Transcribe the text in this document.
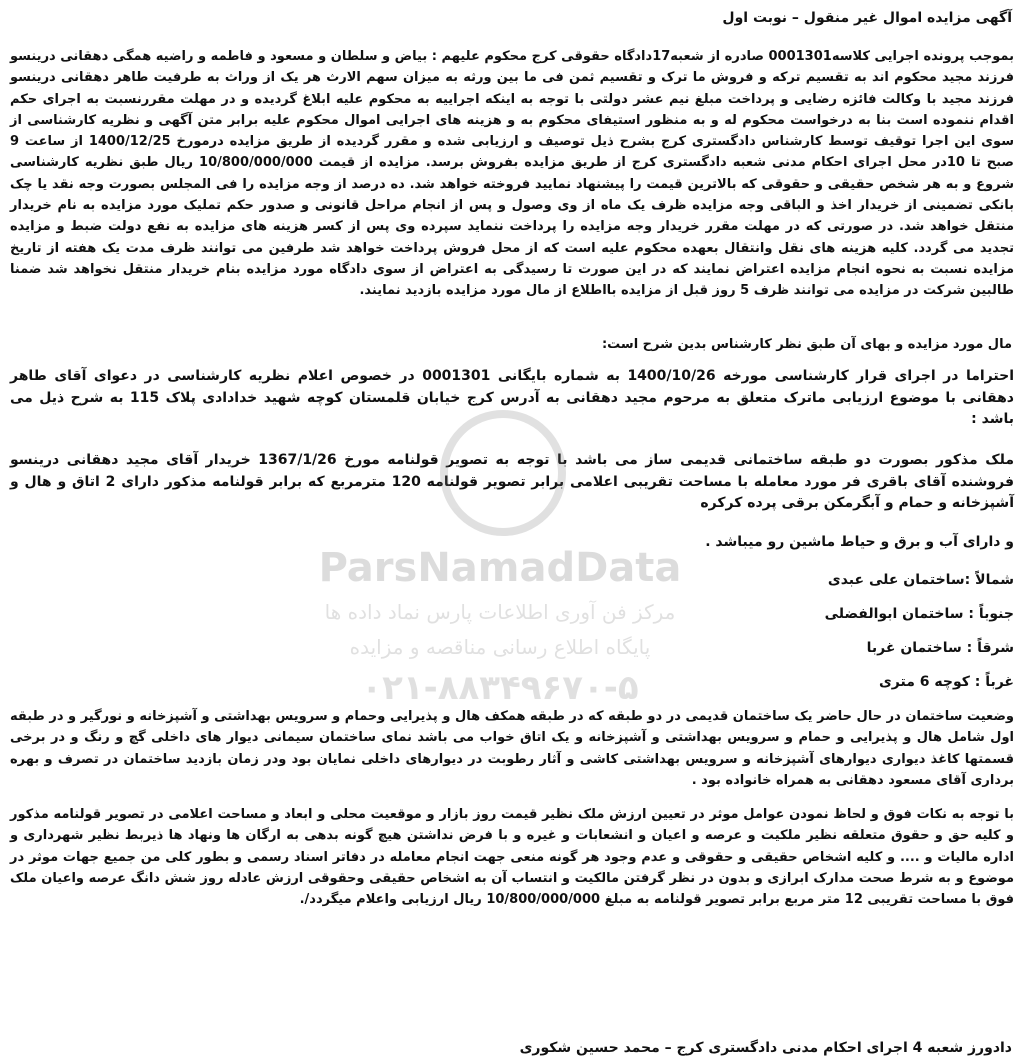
آگهی مزایده اموال غیر منقول – نوبت اول
بموجب پرونده اجرایی کلاسه0001301 صادره از شعبه17دادگاه حقوقی کرج محکوم علیهم : بیاض و سلطان و مسعود و فاطمه و راضیه همگی دهقانی درینسو فرزند مجید محکوم اند به تقسیم ترکه و فروش ما ترک و تقسیم ثمن فی ما بین ورثه به میزان سهم الارث هر یک از وراث به طرفیت طاهر دهقانی درینسو فرزند مجید با وکالت فائزه رضایی و پرداخت مبلغ نیم عشر دولتی با توجه به اینکه اجراییه به محکوم علیه ابلاغ گردیده و در مهلت مقررنسبت به اجرای حکم اقدام ننموده است بنا به درخواست محکوم له و به منظور استیفای محکوم به و هزینه های اجرایی اموال محکوم علیه برابر متن آگهی و نظریه کارشناسی از سوی این اجرا توقیف توسط کارشناس دادگستری کرج بشرح ذیل توصیف و ارزیابی شده و مقرر گردیده از طریق مزایده درمورخ 1400/12/25 از ساعت 9 صبح تا 10در محل اجرای احکام مدنی شعبه دادگستری کرج از طریق مزایده بفروش برسد. مزایده از قیمت 10/800/000/000 ریال طبق نظریه کارشناسی شروع و به هر شخص حقیقی و حقوقی که بالاترین قیمت را پیشنهاد نمایید فروخته خواهد شد. ده درصد از وجه مزایده را فی المجلس بصورت وجه نقد یا چک بانکی تضمینی از خریدار اخذ و الباقی وجه مزایده ظرف یک ماه از وی وصول و پس از انجام مراحل قانونی و صدور حکم تملیک مورد مزایده به نام خریدار منتقل خواهد شد. در صورتی که در مهلت مقرر خریدار وجه مزایده را پرداخت ننماید سپرده وی پس از کسر هزینه های مزایده به نفع دولت ضبط و مزایده تجدید می گردد. کلیه هزینه های نقل وانتقال بعهده محکوم علیه است که از محل فروش پرداخت خواهد شد طرفین می توانند ظرف مدت یک هفته از تاریخ مزایده نسبت به نحوه انجام مزایده اعتراض نمایند که در این صورت تا رسیدگی به اعتراض از سوی دادگاه مورد مزایده بنام خریدار منتقل نخواهد شد ضمنا طالبین شرکت در مزایده می توانند ظرف 5 روز قبل از مزایده بااطلاع از مال مورد مزایده بازدید نمایند.
مال مورد مزایده و بهای آن طبق نظر کارشناس بدین شرح است:
احتراما در اجرای قرار کارشناسی مورخه 1400/10/26 به شماره بایگانی 0001301 در خصوص اعلام نظریه کارشناسی در دعوای آقای طاهر دهقانی با موضوع ارزیابی ماترک متعلق به مرحوم مجید دهقانی به آدرس کرج خیابان قلمستان کوچه شهید خدادادی پلاک 115 به شرح ذیل می باشد :
ملک مذکور بصورت دو طبقه ساختمانی قدیمی ساز می باشد با توجه به تصویر قولنامه مورخ 1367/1/26 خریدار آقای مجید دهقانی درینسو فروشنده آقای باقری فر مورد معامله با مساحت تقریبی اعلامی برابر تصویر قولنامه 120 مترمربع که برابر قولنامه مذکور دارای 2 اتاق و هال و آشپزخانه و حمام و آبگرمکن برقی پرده کرکره
و دارای آب و برق و حیاط ماشین رو میباشد .
شمالاً :ساختمان علی عبدی
جنوباً : ساختمان ابوالفضلی
شرقاً : ساختمان غربا
غرباً : کوچه 6 متری
وضعیت ساختمان در حال حاضر یک ساختمان قدیمی در دو طبقه که در طبقه همکف هال و پذیرایی وحمام و سرویس بهداشتی و آشپزخانه و نورگیر و در طبقه اول شامل هال و پذیرایی و حمام و سرویس بهداشتی و آشپزخانه و یک اتاق خواب می باشد نمای ساختمان سیمانی دیوار های داخلی گچ و رنگ و در برخی قسمتها کاغذ دیواری دیوارهای آشپزخانه و سرویس بهداشتی کاشی و آثار رطوبت در دیوارهای داخلی نمایان بود ودر زمان بازدید ساختمان در تصرف و بهره برداری آقای مسعود دهقانی به همراه خانواده بود .
با توجه به نکات فوق و لحاظ نمودن عوامل موثر در تعیین ارزش ملک نظیر قیمت روز بازار و موقعیت محلی و ابعاد و مساحت اعلامی در تصویر قولنامه مذکور و کلیه حق و حقوق متعلقه نظیر ملکیت و عرصه و اعیان و انشعابات و غیره و با فرض نداشتن هیچ گونه بدهی به ارگان ها ونهاد ها ذیربط نظیر شهرداری و اداره مالیات و .... و کلیه اشخاص حقیقی و حقوقی و عدم وجود هر گونه منعی جهت انجام معامله در دفاتر اسناد رسمی و بطور کلی من جمیع جهات موثر در موضوع و به شرط صحت مدارک ابرازی و بدون در نظر گرفتن مالکیت و انتساب آن به اشخاص حقیقی وحقوقی ارزش عادله روز شش دانگ عرصه واعیان ملک فوق با مساحت تقریبی 12 متر مربع برابر تصویر قولنامه به مبلغ 10/800/000/000 ریال ارزیابی واعلام میگردد/.
دادورز شعبه 4 اجرای احکام مدنی دادگستری کرج – محمد حسین شکوری
ParsNamadData
مرکز فن آوری اطلاعات پارس نماد داده ها
پایگاه اطلاع رسانی مناقصه و مزایده
۰۲۱-۸۸۳۴۹۶۷۰-۵
